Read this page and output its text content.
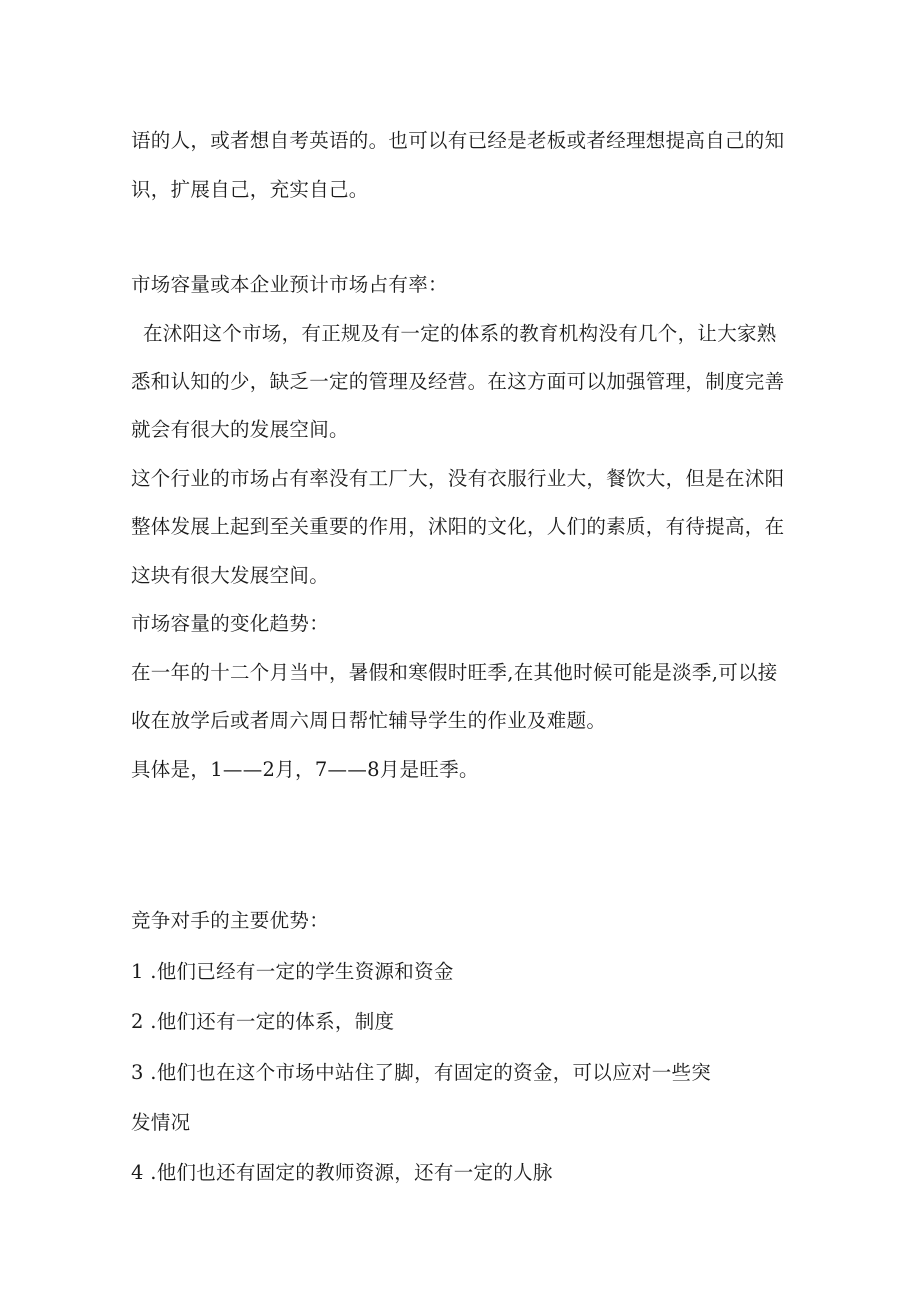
语的人，或者想自考英语的。也可以有已经是老板或者经理想提高自己的知
识，扩展自己，充实自己。
市场容量或本企业预计市场占有率：
在沭阳这个市场，有正规及有一定的体系的教育机构没有几个，让大家熟
悉和认知的少，缺乏一定的管理及经营。在这方面可以加强管理，制度完善
就会有很大的发展空间。
这个行业的市场占有率没有工厂大，没有衣服行业大，餐饮大，但是在沭阳
整体发展上起到至关重要的作用，沭阳的文化，人们的素质，有待提高，在
这块有很大发展空间。
市场容量的变化趋势：
在一年的十二个月当中，暑假和寒假时旺季,在其他时候可能是淡季,可以接
收在放学后或者周六周日帮忙辅导学生的作业及难题。
具体是，1——2月，7——8月是旺季。
竞争对手的主要优势：
1 .他们已经有一定的学生资源和资金
2 .他们还有一定的体系，制度
3 .他们也在这个市场中站住了脚，有固定的资金，可以应对一些突
发情况
4 .他们也还有固定的教师资源，还有一定的人脉
